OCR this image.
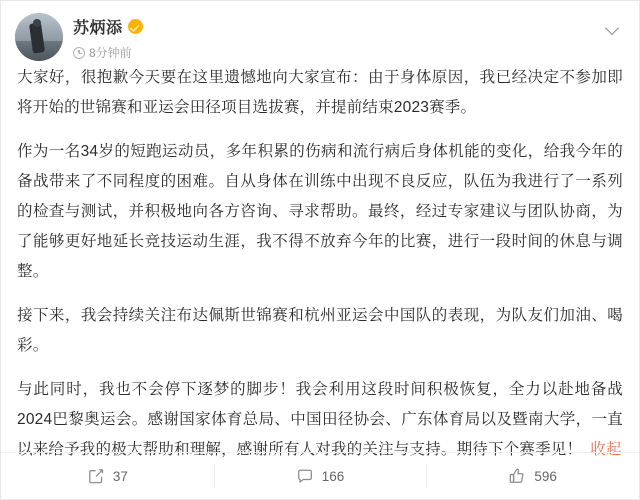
苏炳添
8分钟前

大家好，很抱歉今天要在这里遗憾地向大家宣布：由于身体原因，我已经决定不参加即将开始的世锦赛和亚运会田径项目选拔赛，并提前结束2023赛季。

作为一名34岁的短跑运动员，多年积累的伤病和流行病后身体机能的变化，给我今年的备战带来了不同程度的困难。自从身体在训练中出现不良反应，队伍为我进行了一系列的检查与测试，并积极地向各方咨询、寻求帮助。最终，经过专家建议与团队协商，为了能够更好地延长竞技运动生涯，我不得不放弃今年的比赛，进行一段时间的休息与调整。

接下来，我会持续关注布达佩斯世锦赛和杭州亚运会中国队的表现，为队友们加油、喝彩。

与此同时，我也不会停下逐梦的脚步！我会利用这段时间积极恢复，全力以赴地备战2024巴黎奥运会。感谢国家体育总局、中国田径协会、广东体育局以及暨南大学，一直以来给予我的极大帮助和理解，感谢所有人对我的关注与支持。期待下个赛季见！ 收起

37	166	596
